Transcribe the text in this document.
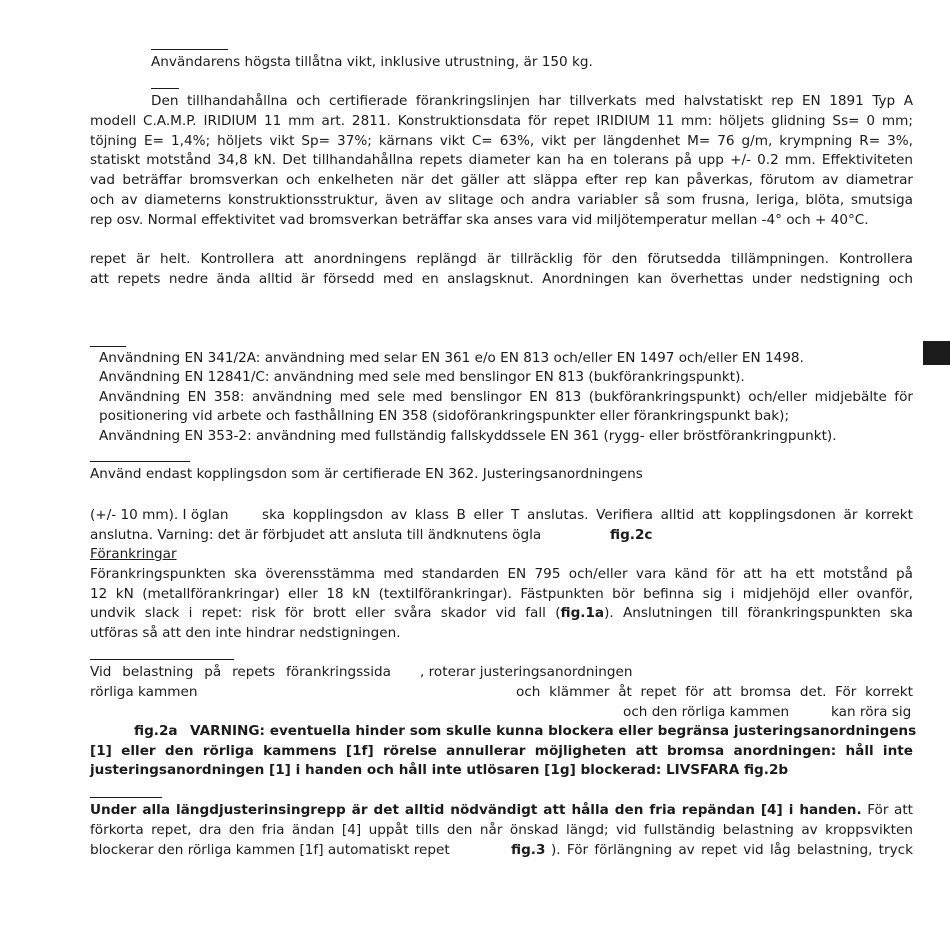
Användarens högsta tillåtna vikt, inklusive utrustning, är 150 kg.
Den tillhandahållna och certifierade förankringslinjen har tillverkats med halvstatiskt rep EN 1891 Typ A
modell C.A.M.P. IRIDIUM 11 mm art. 2811. Konstruktionsdata för repet IRIDIUM 11 mm: höljets glidning Ss= 0 mm;
töjning E= 1,4%; höljets vikt Sp= 37%; kärnans vikt C= 63%, vikt per längdenhet M= 76 g/m, krympning R= 3%,
statiskt motstånd 34,8 kN. Det tillhandahållna repets diameter kan ha en tolerans på upp +/- 0.2 mm. Effektiviteten
vad beträffar bromsverkan och enkelheten när det gäller att släppa efter rep kan påverkas, förutom av diametrar
och av diameterns konstruktionsstruktur, även av slitage och andra variabler så som frusna, leriga, blöta, smutsiga
rep osv. Normal effektivitet vad bromsverkan beträffar ska anses vara vid miljötemperatur mellan -4° och + 40°C.
repet är helt. Kontrollera att anordningens replängd är tillräcklig för den förutsedda tillämpningen. Kontrollera
att repets nedre ända alltid är försedd med en anslagsknut. Anordningen kan överhettas under nedstigning och
Användning EN 341/2A: användning med selar EN 361 e/o EN 813 och/eller EN 1497 och/eller EN 1498.
Användning EN 12841/C: användning med sele med benslingor EN 813 (bukförankringspunkt).
Användning EN 358: användning med sele med benslingor EN 813 (bukförankringspunkt) och/eller midjebälte för
positionering vid arbete och fasthållning EN 358 (sidoförankringspunkter eller förankringspunkt bak);
Användning EN 353-2: användning med fullständig fallskyddssele EN 361 (rygg- eller bröstförankringpunkt).
Använd endast kopplingsdon som är certifierade EN 362. Justeringsanordningens
(+/- 10 mm). I öglan ska kopplingsdon av klass B eller T anslutas. Verifiera alltid att kopplingsdonen är korrekt
anslutna. Varning: det är förbjudet att ansluta till ändknutens ögla	fig.2c
Förankringar
Förankringspunkten ska överensstämma med standarden EN 795 och/eller vara känd för att ha ett motstånd på
12 kN (metallförankringar) eller 18 kN (textilförankringar). Fästpunkten bör befinna sig i midjehöjd eller ovanför,
undvik slack i repet: risk för brott eller svåra skador vid fall (fig.1a). Anslutningen till förankringspunkten ska
utföras så att den inte hindrar nedstigningen.
Vid belastning på repets förankringssida , roterar justeringsanordningen
rörliga kammen	och klämmer åt repet för att bromsa det. För korrekt
och den rörliga kammen	kan röra sig
fig.2a VARNING: eventuella hinder som skulle kunna blockera eller begränsa justeringsanordningens
[1] eller den rörliga kammens [1f] rörelse annullerar möjligheten att bromsa anordningen: håll inte
justeringsanordningen [1] i handen och håll inte utlösaren [1g] blockerad: LIVSFARA fig.2b
Under alla längdjusterinsingrepp är det alltid nödvändigt att hålla den fria repändan [4] i handen. För att
förkorta repet, dra den fria ändan [4] uppåt tills den når önskad längd; vid fullständig belastning av kroppsvikten
blockerar den rörliga kammen [1f] automatiskt repet	fig.3 ). För förlängning av repet vid låg belastning, tryck
